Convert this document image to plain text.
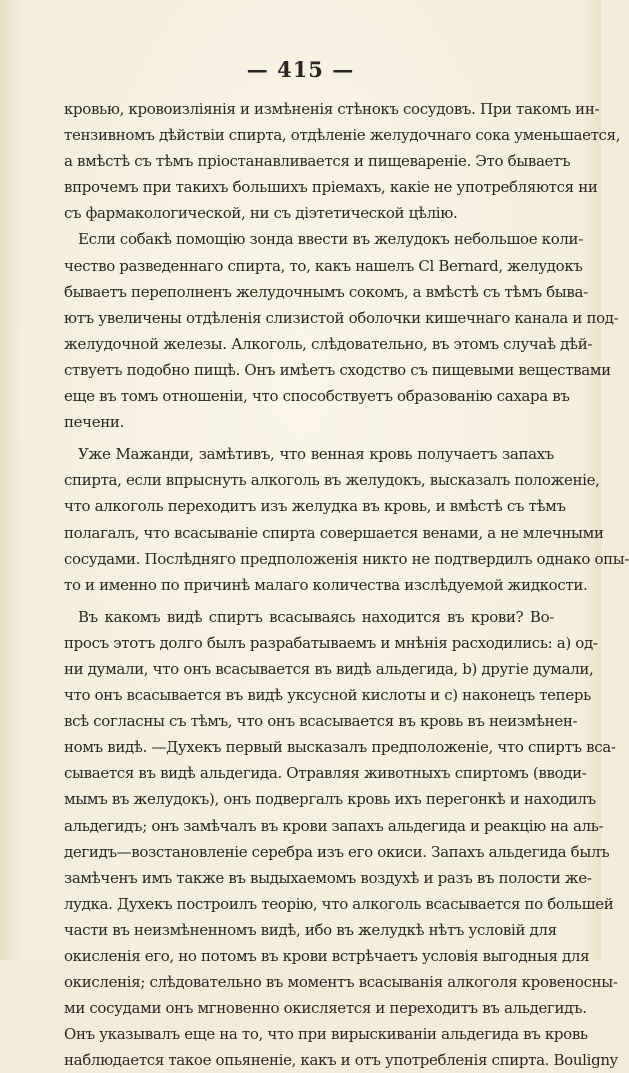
— 415 —
кровью, кровоизліянія и измѣненія стѣнокъ сосудовъ. При такомъ ин-
тензивномъ дѣйствіи спирта, отдѣленіе желудочнаго сока уменьшается,
а вмѣстѣ съ тѣмъ пріостанавливается и пищевареніе. Это бываетъ
впрочемъ при такихъ большихъ пріемахъ, какіе не употребляются ни
съ фармакологической, ни съ діэтетической цѣлію.
Если собакѣ помощію зонда ввести въ желудокъ небольшое коли-
чество разведеннаго спирта, то, какъ нашелъ Cl Bernard, желудокъ
бываетъ переполненъ желудочнымъ сокомъ, а вмѣстѣ съ тѣмъ быва-
ютъ увеличены отдѣленія слизистой оболочки кишечнаго канала и под-
желудочной железы. Алкоголь, слѣдовательно, въ этомъ случаѣ дѣй-
ствуетъ подобно пищѣ. Онъ имѣетъ сходство съ пищевыми веществами
еще въ томъ отношеніи, что способствуетъ образованію сахара въ
печени.
Уже Мажанди, замѣтивъ, что венная кровь получаетъ запахъ
спирта, если впрыснуть алкоголь въ желудокъ, высказалъ положеніе,
что алкоголь переходитъ изъ желудка въ кровь, и вмѣстѣ съ тѣмъ
полагалъ, что всасываніе спирта совершается венами, а не млечными
сосудами. Послѣдняго предположенія никто не подтвердилъ однако опы-
то и именно по причинѣ малаго количества изслѣдуемой жидкости.
Въ какомъ видѣ спиртъ всасываясь находится въ крови? Во-
просъ этотъ долго былъ разрабатываемъ и мнѣнія расходились: a) од-
ни думали, что онъ всасывается въ видѣ альдегида, b) другіе думали,
что онъ всасывается въ видѣ уксусной кислоты и c) наконецъ теперь
всѣ согласны съ тѣмъ, что онъ всасывается въ кровь въ неизмѣнен-
номъ видѣ. —Духекъ первый высказалъ предположеніе, что спиртъ вса-
сывается въ видѣ альдегида. Отравляя животныхъ спиртомъ (вводи-
мымъ въ желудокъ), онъ подвергалъ кровь ихъ перегонкѣ и находилъ
альдегидъ; онъ замѣчалъ въ крови запахъ альдегида и реакцію на аль-
дегидъ—возстановленіе серебра изъ его окиси. Запахъ альдегида былъ
замѣченъ имъ также въ выдыхаемомъ воздухѣ и разъ въ полости же-
лудка. Духекъ построилъ теорію, что алкоголь всасывается по большей
части въ неизмѣненномъ видѣ, ибо въ желудкѣ нѣтъ условій для
окисленія его, но потомъ въ крови встрѣчаетъ условія выгодныя для
окисленія; слѣдовательно въ моментъ всасыванія алкоголя кровеносны-
ми сосудами онъ мгновенно окисляется и переходитъ въ альдегидъ.
Онъ указывалъ еще на то, что при вирыскиваніи альдегида въ кровь
наблюдается такое опьяненіе, какъ и отъ употребленія спирта. Bouligny
